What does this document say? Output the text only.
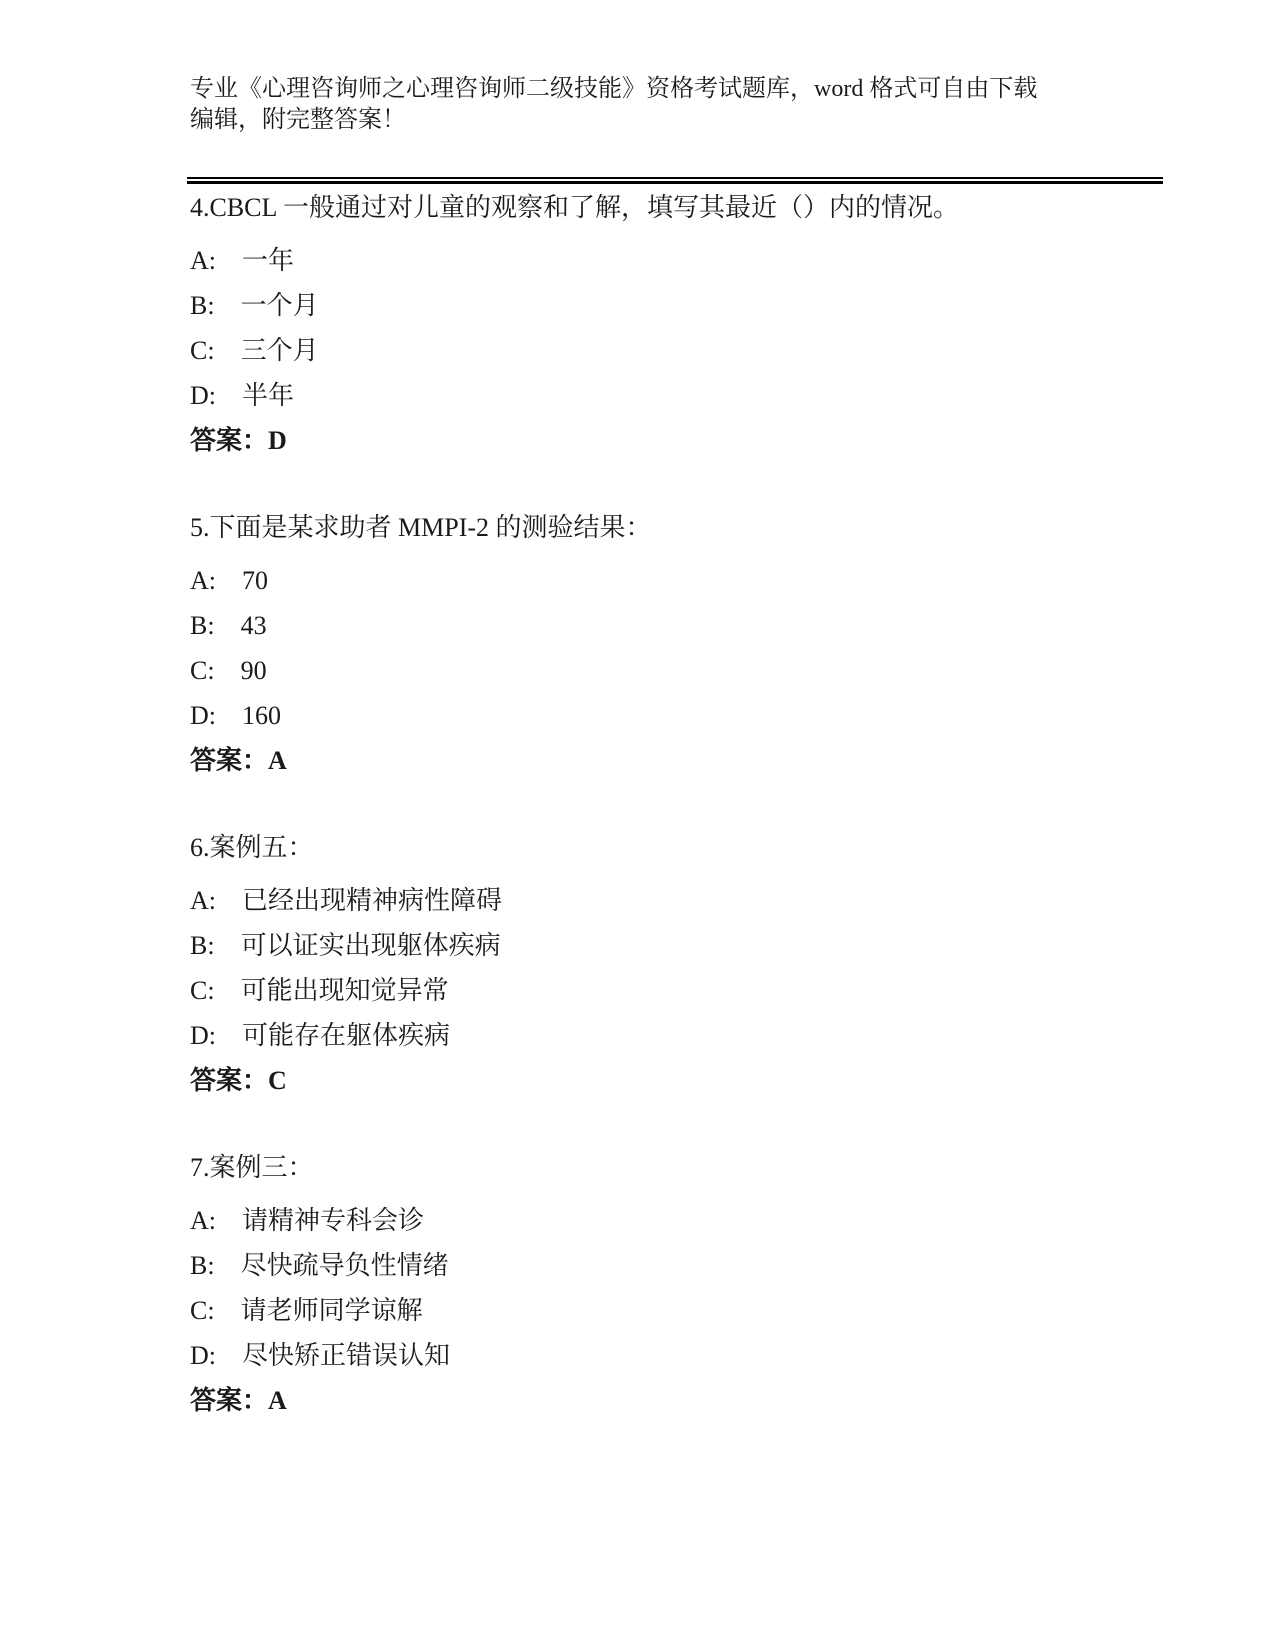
专业《心理咨询师之心理咨询师二级技能》资格考试题库，word 格式可自由下载
编辑，附完整答案！

4.CBCL 一般通过对儿童的观察和了解，填写其最近（）内的情况。

A:　一年

B:　一个月

C:　三个月

D:　半年

答案：D

5.下面是某求助者 MMPI-2 的测验结果：

A:　70

B:　43

C:　90

D:　160

答案：A

6.案例五：

A:　已经出现精神病性障碍

B:　可以证实出现躯体疾病

C:　可能出现知觉异常

D:　可能存在躯体疾病

答案：C

7.案例三：

A:　请精神专科会诊

B:　尽快疏导负性情绪

C:　请老师同学谅解

D:　尽快矫正错误认知

答案：A
